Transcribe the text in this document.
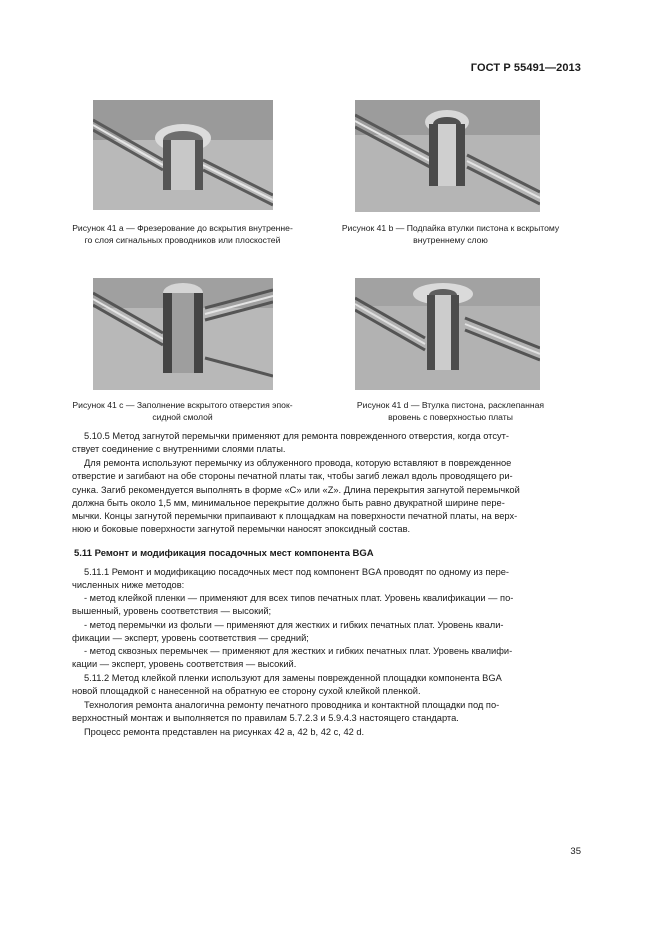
ГОСТ Р 55491—2013
Рисунок 41 а — Фрезерование до вскрытия внутренне-
го слоя сигнальных проводников или плоскостей
Рисунок 41 b — Подпайка втулки пистона к вскрытому
внутреннему слою
Рисунок 41 c — Заполнение вскрытого отверстия эпок-
сидной смолой
Рисунок 41 d — Втулка пистона, расклепанная
вровень с поверхностью платы
5.10.5 Метод загнутой перемычки применяют для ремонта поврежденного отверстия, когда отсут-
ствует соединение с внутренними слоями платы.
Для ремонта используют перемычку из облуженного провода, которую вставляют в поврежденное
отверстие и загибают на обе стороны печатной платы так, чтобы загиб лежал вдоль проводящего ри-
сунка. Загиб рекомендуется выполнять в форме «С» или «Z». Длина перекрытия загнутой перемычкой
должна быть около 1,5 мм, минимальное перекрытие должно быть равно двукратной ширине пере-
мычки. Концы загнутой перемычки припаивают к площадкам на поверхности печатной платы, на верх-
нюю и боковые поверхности загнутой перемычки наносят эпоксидный состав.
5.11 Ремонт и модификация посадочных мест компонента BGA
5.11.1 Ремонт и модификацию посадочных мест под компонент BGA проводят по одному из пере-
численных ниже методов:
- метод клейкой пленки — применяют для всех типов печатных плат. Уровень квалификации — по-
вышенный, уровень соответствия — высокий;
- метод перемычки из фольги — применяют для жестких и гибких печатных плат. Уровень квали-
фикации — эксперт, уровень соответствия — средний;
- метод сквозных перемычек — применяют для жестких и гибких печатных плат. Уровень квалифи-
кации — эксперт, уровень соответствия — высокий.
5.11.2 Метод клейкой пленки используют для замены поврежденной площадки компонента BGA
новой площадкой с нанесенной на обратную ее сторону сухой клейкой пленкой.
Технология ремонта аналогична ремонту печатного проводника и контактной площадки под по-
верхностный монтаж и выполняется по правилам 5.7.2.3 и 5.9.4.3 настоящего стандарта.
Процесс ремонта представлен на рисунках 42 а, 42 b, 42 с, 42 d.
35
